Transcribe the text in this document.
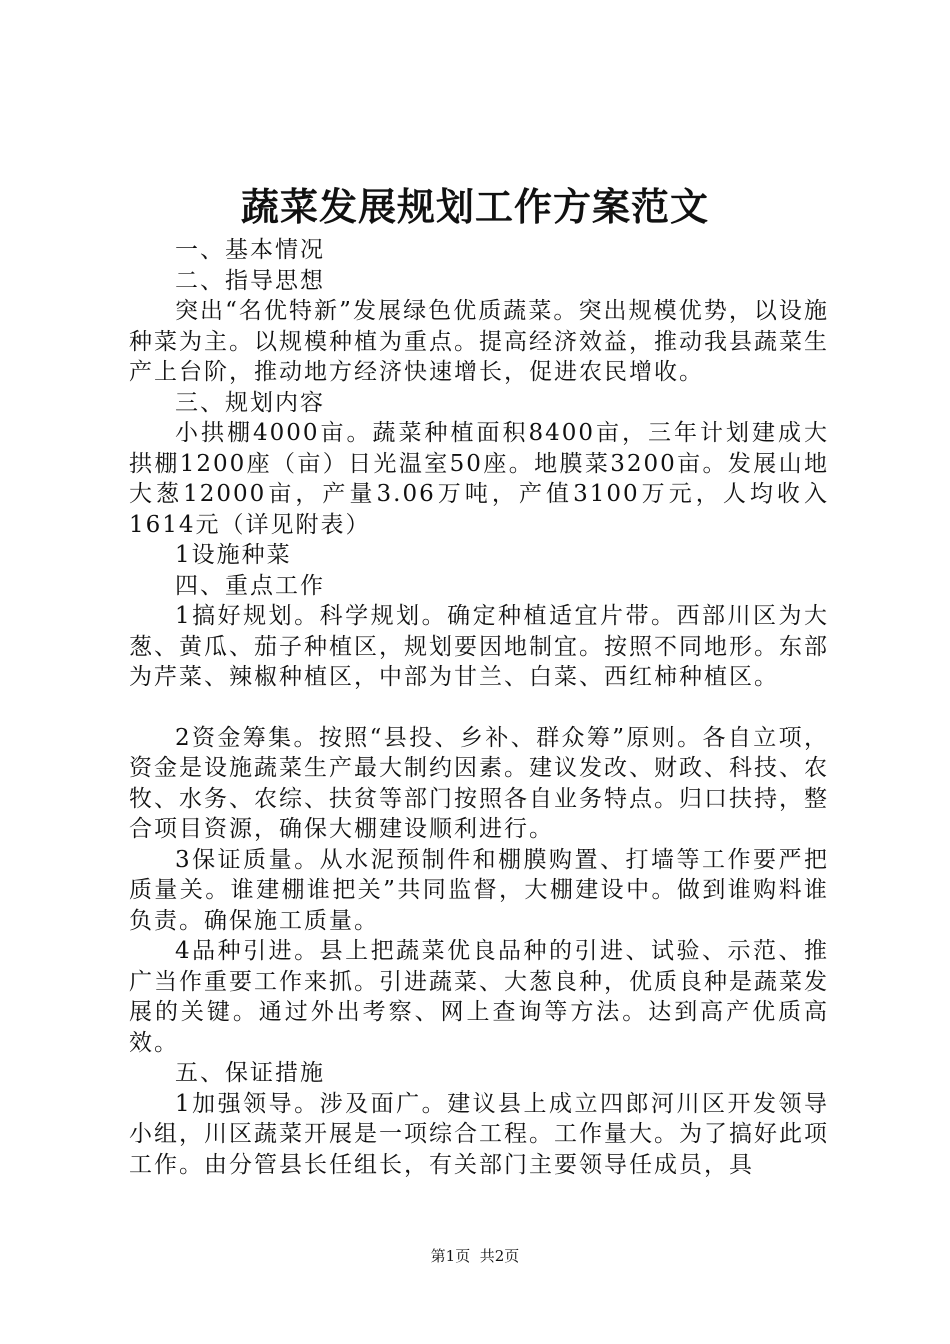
蔬菜发展规划工作方案范文

一、基本情况

二、指导思想

突出“名优特新”发展绿色优质蔬菜。突出规模优势，以设施种菜为主。以规模种植为重点。提高经济效益，推动我县蔬菜生产上台阶，推动地方经济快速增长，促进农民增收。

三、规划内容

小拱棚4000亩。蔬菜种植面积8400亩，三年计划建成大拱棚1200座（亩）日光温室50座。地膜菜3200亩。发展山地大葱12000亩，产量3.06万吨，产值3100万元，人均收入1614元（详见附表）

1设施种菜

四、重点工作

1搞好规划。科学规划。确定种植适宜片带。西部川区为大葱、黄瓜、茄子种植区，规划要因地制宜。按照不同地形。东部为芹菜、辣椒种植区，中部为甘兰、白菜、西红柿种植区。

2资金筹集。按照“县投、乡补、群众筹”原则。各自立项，资金是设施蔬菜生产最大制约因素。建议发改、财政、科技、农牧、水务、农综、扶贫等部门按照各自业务特点。归口扶持，整合项目资源，确保大棚建设顺利进行。

3保证质量。从水泥预制件和棚膜购置、打墙等工作要严把质量关。谁建棚谁把关”共同监督，大棚建设中。做到谁购料谁负责。确保施工质量。

4品种引进。县上把蔬菜优良品种的引进、试验、示范、推广当作重要工作来抓。引进蔬菜、大葱良种，优质良种是蔬菜发展的关键。通过外出考察、网上查询等方法。达到高产优质高效。

五、保证措施

1加强领导。涉及面广。建议县上成立四郎河川区开发领导小组，川区蔬菜开展是一项综合工程。工作量大。为了搞好此项工作。由分管县长任组长，有关部门主要领导任成员，具

第1页 共2页
